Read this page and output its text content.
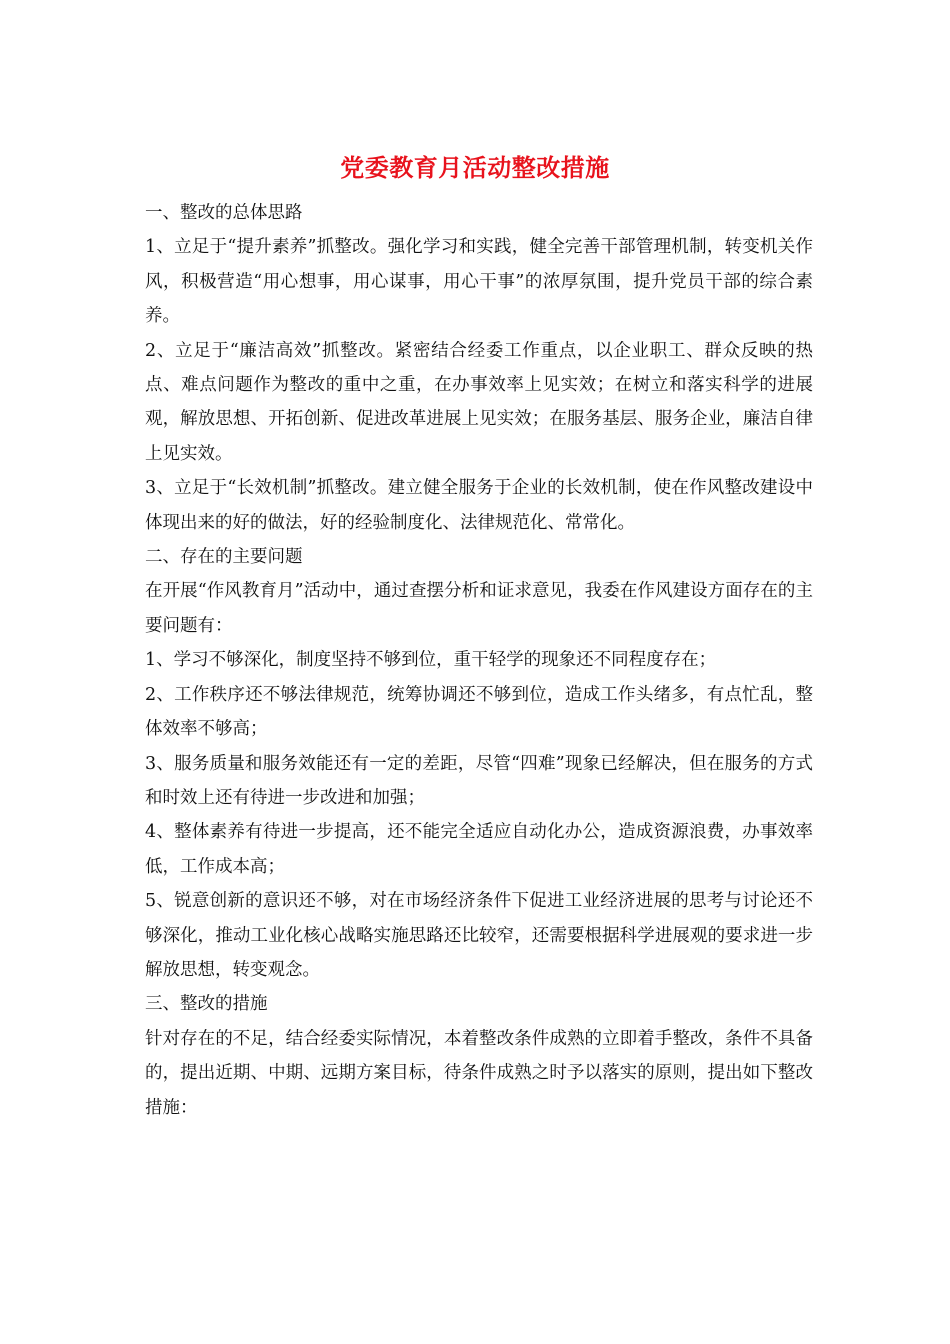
党委教育月活动整改措施

一、整改的总体思路

1、立足于“提升素养”抓整改。强化学习和实践，健全完善干部管理机制，转变机关作风，积极营造“用心想事，用心谋事，用心干事”的浓厚氛围，提升党员干部的综合素养。

2、立足于“廉洁高效”抓整改。紧密结合经委工作重点，以企业职工、群众反映的热点、难点问题作为整改的重中之重，在办事效率上见实效；在树立和落实科学的进展观，解放思想、开拓创新、促进改革进展上见实效；在服务基层、服务企业，廉洁自律上见实效。

3、立足于“长效机制”抓整改。建立健全服务于企业的长效机制，使在作风整改建设中体现出来的好的做法，好的经验制度化、法律规范化、常常化。

二、存在的主要问题

在开展“作风教育月”活动中，通过查摆分析和证求意见，我委在作风建设方面存在的主要问题有：

1、学习不够深化，制度坚持不够到位，重干轻学的现象还不同程度存在；

2、工作秩序还不够法律规范，统筹协调还不够到位，造成工作头绪多，有点忙乱，整体效率不够高；

3、服务质量和服务效能还有一定的差距，尽管“四难”现象已经解决，但在服务的方式和时效上还有待进一步改进和加强；

4、整体素养有待进一步提高，还不能完全适应自动化办公，造成资源浪费，办事效率低，工作成本高；

5、锐意创新的意识还不够，对在市场经济条件下促进工业经济进展的思考与讨论还不够深化，推动工业化核心战略实施思路还比较窄，还需要根据科学进展观的要求进一步解放思想，转变观念。

三、整改的措施

针对存在的不足，结合经委实际情况，本着整改条件成熟的立即着手整改，条件不具备的，提出近期、中期、远期方案目标，待条件成熟之时予以落实的原则，提出如下整改措施：
